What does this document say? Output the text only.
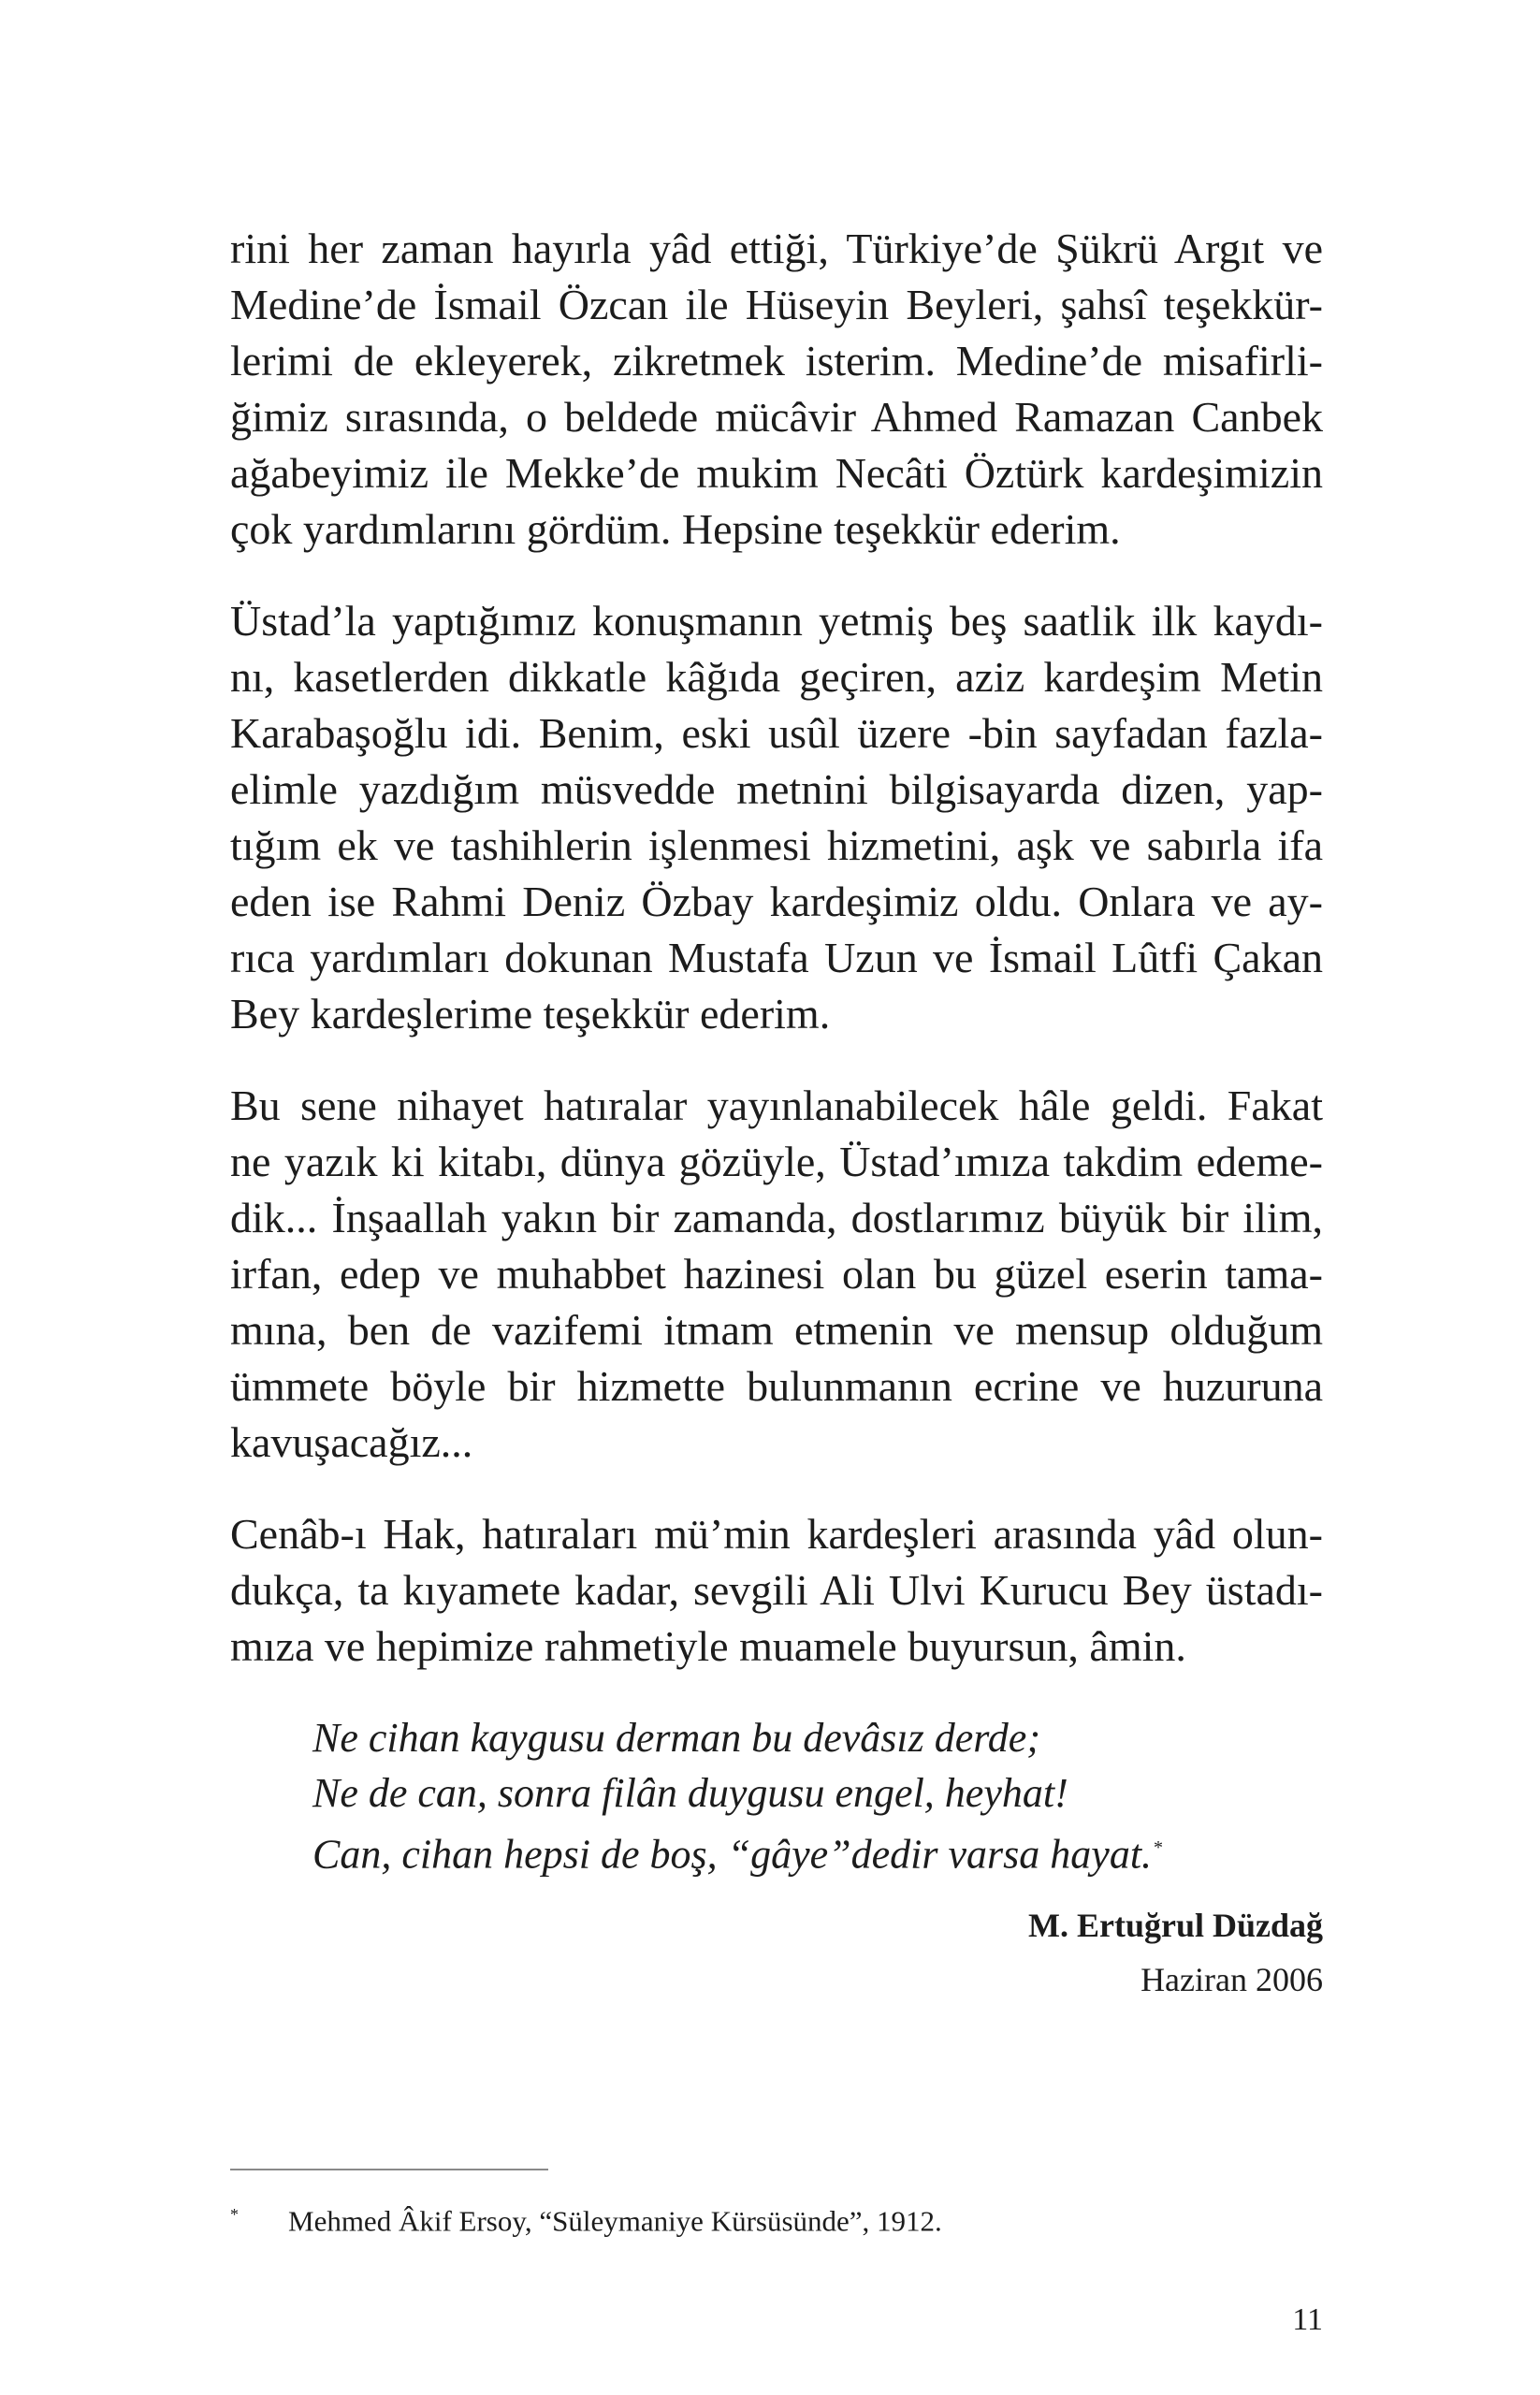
rini her zaman hayırla yâd ettiği, Türkiye’de Şükrü Argıt ve
Medine’de İsmail Özcan ile Hüseyin Beyleri, şahsî teşekkür-
lerimi de ekleyerek, zikretmek isterim. Medine’de misafirli-
ğimiz sırasında, o beldede mücâvir Ahmed Ramazan Canbek
ağabeyimiz ile Mekke’de mukim Necâti Öztürk kardeşimizin
çok yardımlarını gördüm. Hepsine teşekkür ederim.

Üstad’la yaptığımız konuşmanın yetmiş beş saatlik ilk kaydı-
nı, kasetlerden dikkatle kâğıda geçiren, aziz kardeşim Metin
Karabaşoğlu idi. Benim, eski usûl üzere -bin sayfadan fazla-
elimle yazdığım müsvedde metnini bilgisayarda dizen, yap-
tığım ek ve tashihlerin işlenmesi hizmetini, aşk ve sabırla ifa
eden ise Rahmi Deniz Özbay kardeşimiz oldu. Onlara ve ay-
rıca yardımları dokunan Mustafa Uzun ve İsmail Lûtfi Çakan
Bey kardeşlerime teşekkür ederim.

Bu sene nihayet hatıralar yayınlanabilecek hâle geldi. Fakat
ne yazık ki kitabı, dünya gözüyle, Üstad’ımıza takdim edeme-
dik... İnşaallah yakın bir zamanda, dostlarımız büyük bir ilim,
irfan, edep ve muhabbet hazinesi olan bu güzel eserin tama-
mına, ben de vazifemi itmam etmenin ve mensup olduğum
ümmete böyle bir hizmette bulunmanın ecrine ve huzuruna
kavuşacağız...

Cenâb-ı Hak, hatıraları mü’min kardeşleri arasında yâd olun-
dukça, ta kıyamete kadar, sevgili Ali Ulvi Kurucu Bey üstadı-
mıza ve hepimize rahmetiyle muamele buyursun, âmin.

Ne cihan kaygusu derman bu devâsız derde;
Ne de can, sonra filân duygusu engel, heyhat!
Can, cihan hepsi de boş, “gâye”dedir varsa hayat. *
M. Ertuğrul Düzdağ
Haziran 2006
* Mehmed Âkif Ersoy, “Süleymaniye Kürsüsünde”, 1912.
11
